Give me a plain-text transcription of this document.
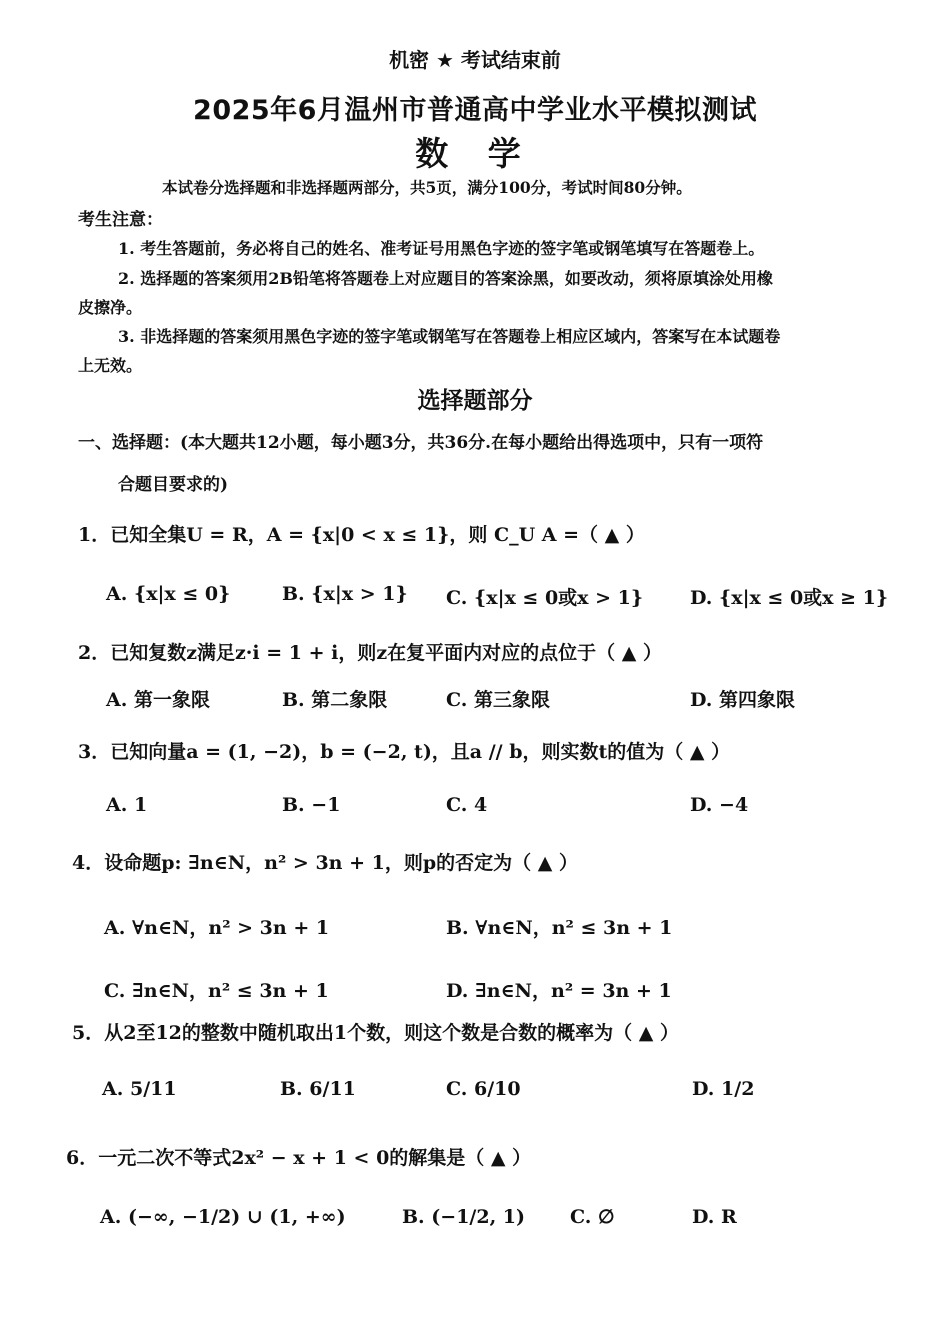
机密 ★ 考试结束前
2025年6月温州市普通高中学业水平模拟测试
数 学
本试卷分选择题和非选择题两部分，共5页，满分100分，考试时间80分钟。
考生注意：
1. 考生答题前，务必将自己的姓名、准考证号用黑色字迹的签字笔或钢笔填写在答题卷上。
2. 选择题的答案须用2B铅笔将答题卷上对应题目的答案涂黑，如要改动，须将原填涂处用橡
皮擦净。
3. 非选择题的答案须用黑色字迹的签字笔或钢笔写在答题卷上相应区域内，答案写在本试题卷
上无效。
选择题部分
一、选择题：(本大题共12小题，每小题3分，共36分.在每小题给出得选项中，只有一项符
合题目要求的)
1．已知全集U = R，A = {x|0 < x ≤ 1}，则 C_U A =（ ▲ ）
A. {x|x ≤ 0}	B. {x|x > 1} C. {x|x ≤ 0或x > 1} D. {x|x ≤ 0或x ≥ 1}
2．已知复数z满足z·i = 1 + i，则z在复平面内对应的点位于（ ▲ ）
A. 第一象限	B. 第二象限	C. 第三象限	D. 第四象限
3．已知向量a = (1, −2)，b = (−2, t)，且a // b，则实数t的值为（ ▲ ）
A. 1	B. −1	C. 4	D. −4
4．设命题p: ∃n∈N，n² > 3n + 1，则p的否定为（ ▲ ）
A. ∀n∈N，n² > 3n + 1	B. ∀n∈N，n² ≤ 3n + 1
C. ∃n∈N，n² ≤ 3n + 1	D. ∃n∈N，n² = 3n + 1
5．从2至12的整数中随机取出1个数，则这个数是合数的概率为（ ▲ ）
A. 5/11	B. 6/11	C. 6/10	D. 1/2
6．一元二次不等式2x² − x + 1 < 0的解集是（ ▲ ）
A. (−∞, −1/2) ∪ (1, +∞)	B. (−1/2, 1) C. ∅	D. R
